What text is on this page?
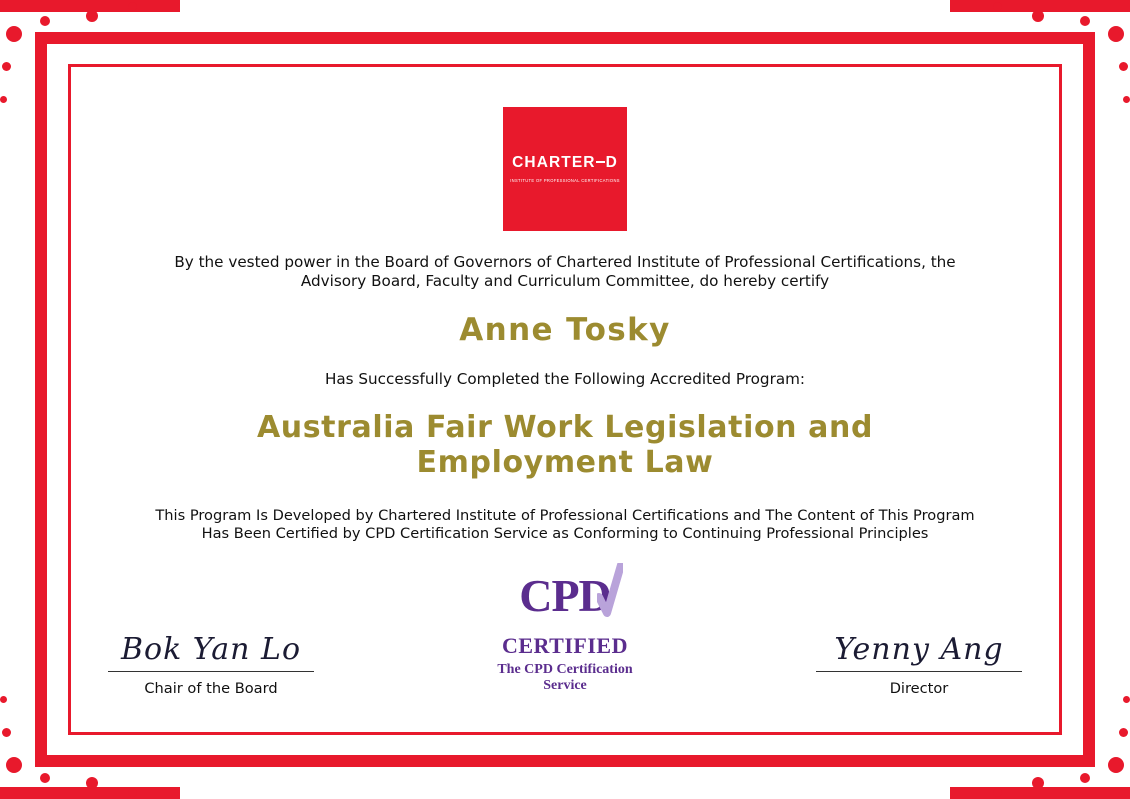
CHARTER D
INSTITUTE OF PROFESSIONAL CERTIFICATIONS
By the vested power in the Board of Governors of Chartered Institute of Professional Certifications, the Advisory Board, Faculty and Curriculum Committee, do hereby certify
Anne Tosky
Has Successfully Completed the Following Accredited Program:
Australia Fair Work Legislation and Employment Law
This Program Is Developed by Chartered Institute of Professional Certifications and The Content of This Program Has Been Certified by CPD Certification Service as Conforming to Continuing Professional Principles
Bok Yan Lo
Chair of the Board
CPD
CERTIFIED
The CPD Certification
Service
Yenny Ang
Director
